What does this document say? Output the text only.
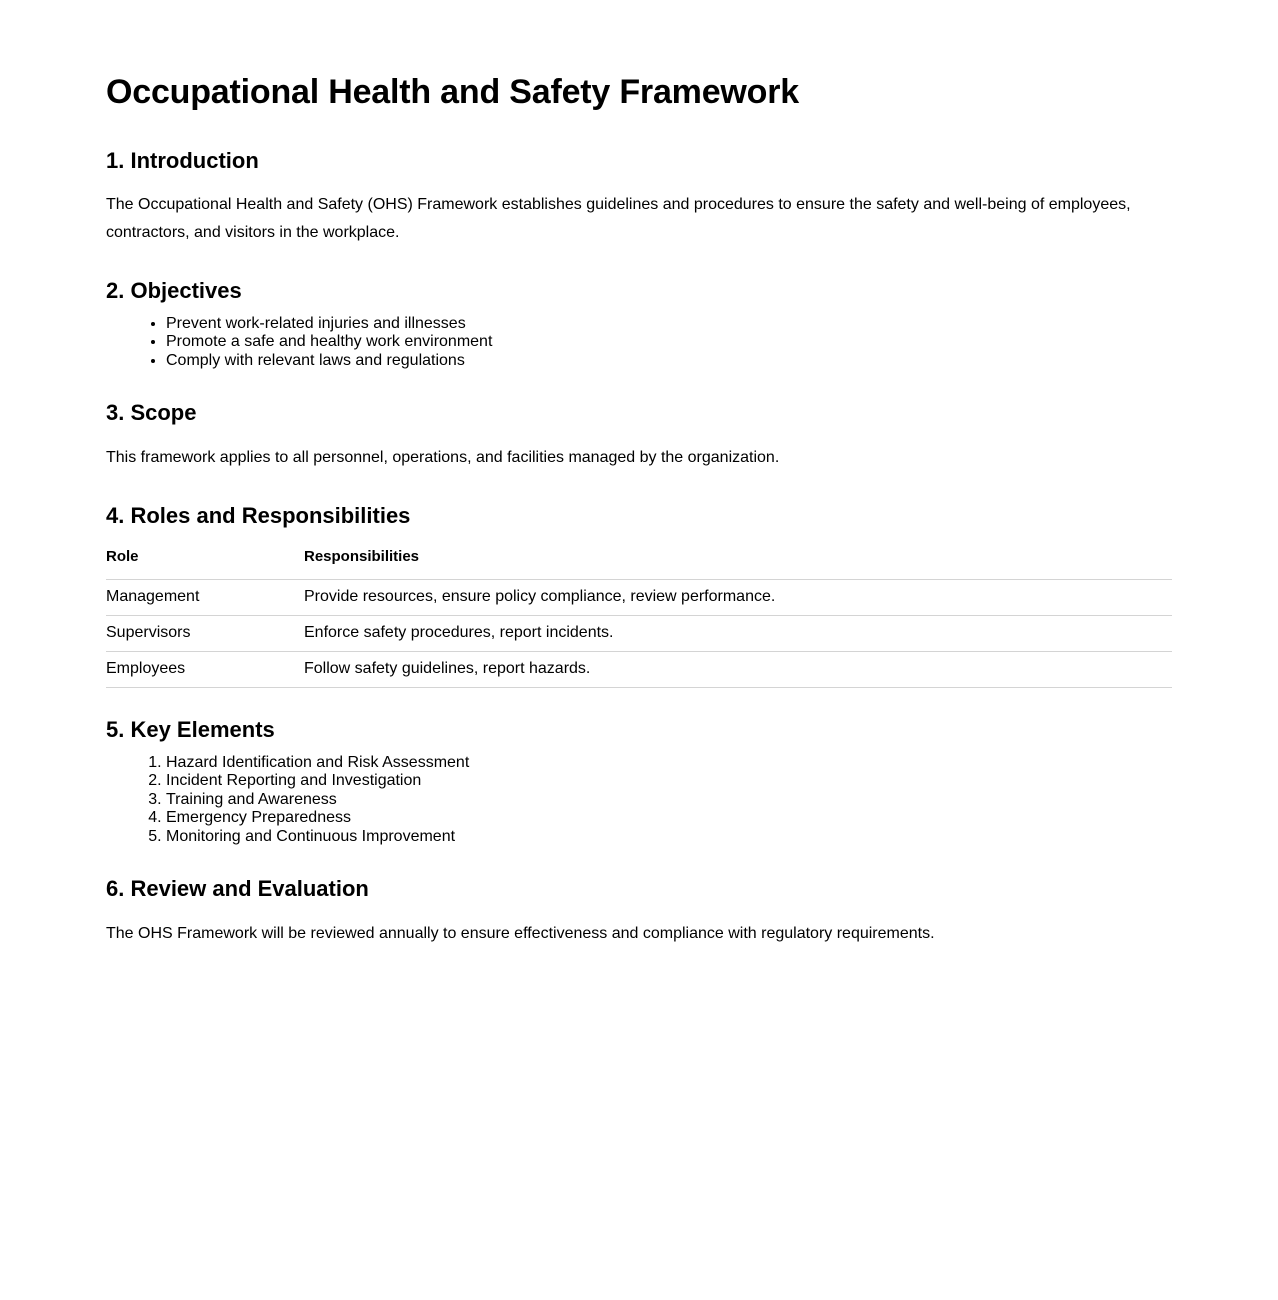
Occupational Health and Safety Framework
1. Introduction

The Occupational Health and Safety (OHS) Framework establishes guidelines and procedures to ensure the safety and well-being of employees, contractors, and visitors in the workplace.

2. Objectives
• Prevent work-related injuries and illnesses
• Promote a safe and healthy work environment
• Comply with relevant laws and regulations
3. Scope

This framework applies to all personnel, operations, and facilities managed by the organization.

4. Roles and Responsibilities
Role	Responsibilities
Management	Provide resources, ensure policy compliance, review performance.
Supervisors	Enforce safety procedures, report incidents.
Employees	Follow safety guidelines, report hazards.
5. Key Elements
1. Hazard Identification and Risk Assessment
2. Incident Reporting and Investigation
3. Training and Awareness
4. Emergency Preparedness
5. Monitoring and Continuous Improvement
6. Review and Evaluation

The OHS Framework will be reviewed annually to ensure effectiveness and compliance with regulatory requirements.
